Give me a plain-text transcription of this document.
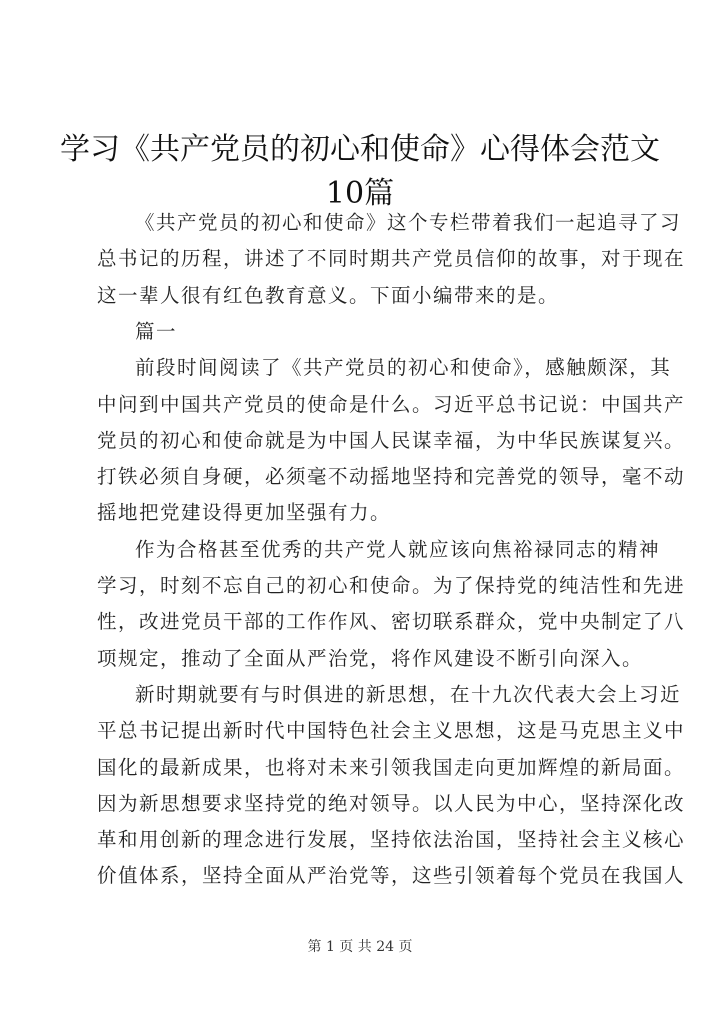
学习《共产党员的初心和使命》心得体会范文
10篇
《共产党员的初心和使命》这个专栏带着我们一起追寻了习
总书记的历程，讲述了不同时期共产党员信仰的故事，对于现在
这一辈人很有红色教育意义。下面小编带来的是。
篇一
前段时间阅读了《共产党员的初心和使命》，感触颇深，其
中问到中国共产党员的使命是什么。习近平总书记说：中国共产
党员的初心和使命就是为中国人民谋幸福，为中华民族谋复兴。
打铁必须自身硬，必须毫不动摇地坚持和完善党的领导，毫不动
摇地把党建设得更加坚强有力。
作为合格甚至优秀的共产党人就应该向焦裕禄同志的精神
学习，时刻不忘自己的初心和使命。为了保持党的纯洁性和先进
性，改进党员干部的工作作风、密切联系群众，党中央制定了八
项规定，推动了全面从严治党，将作风建设不断引向深入。
新时期就要有与时俱进的新思想，在十九次代表大会上习近
平总书记提出新时代中国特色社会主义思想，这是马克思主义中
国化的最新成果，也将对未来引领我国走向更加辉煌的新局面。
因为新思想要求坚持党的绝对领导。以人民为中心，坚持深化改
革和用创新的理念进行发展，坚持依法治国，坚持社会主义核心
价值体系，坚持全面从严治党等，这些引领着每个党员在我国人
第 1 页 共 24 页
